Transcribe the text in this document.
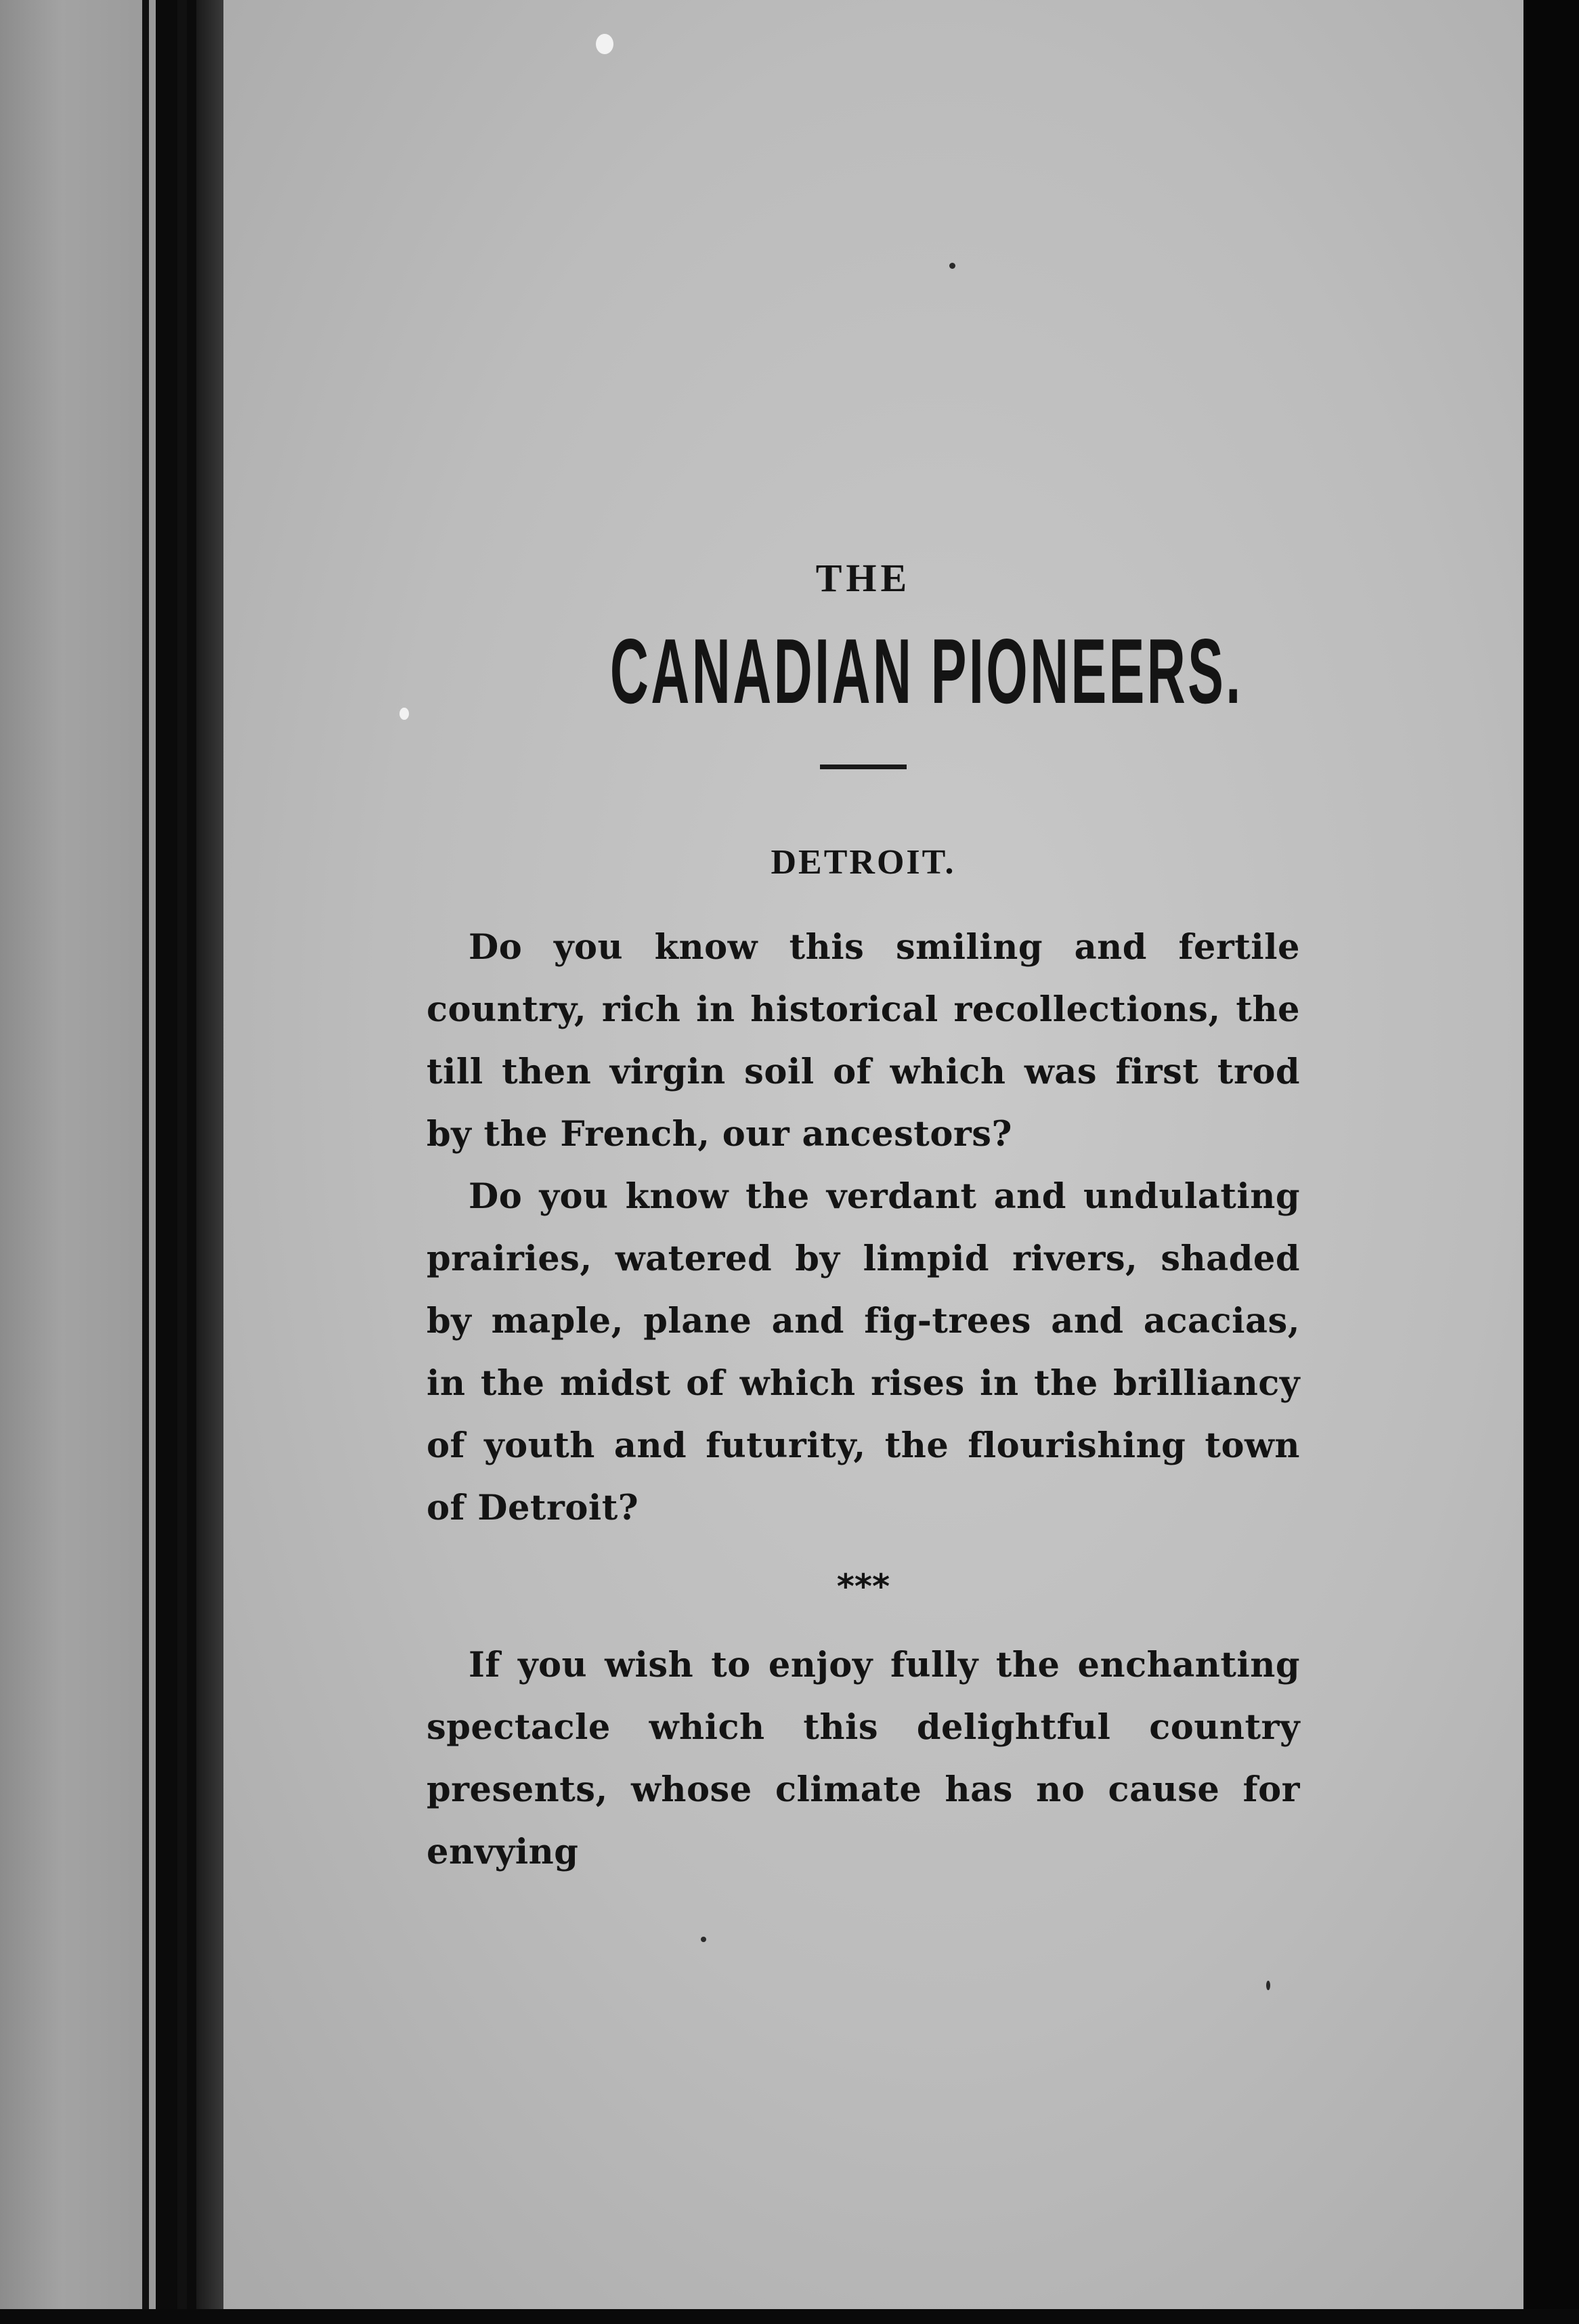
THE
CANADIAN PIONEERS.
DETROIT.

Do you know this smiling and fertile country, rich in historical recollections, the till then virgin soil of which was first trod by the French, our ancestors?

Do you know the verdant and undulating prairies, watered by limpid rivers, shaded by maple, plane and fig-trees and acacias, in the midst of which rises in the brilliancy of youth and futurity, the flourishing town of Detroit?

***

If you wish to enjoy fully the enchanting spectacle which this delightful country presents, whose climate has no cause for envying
